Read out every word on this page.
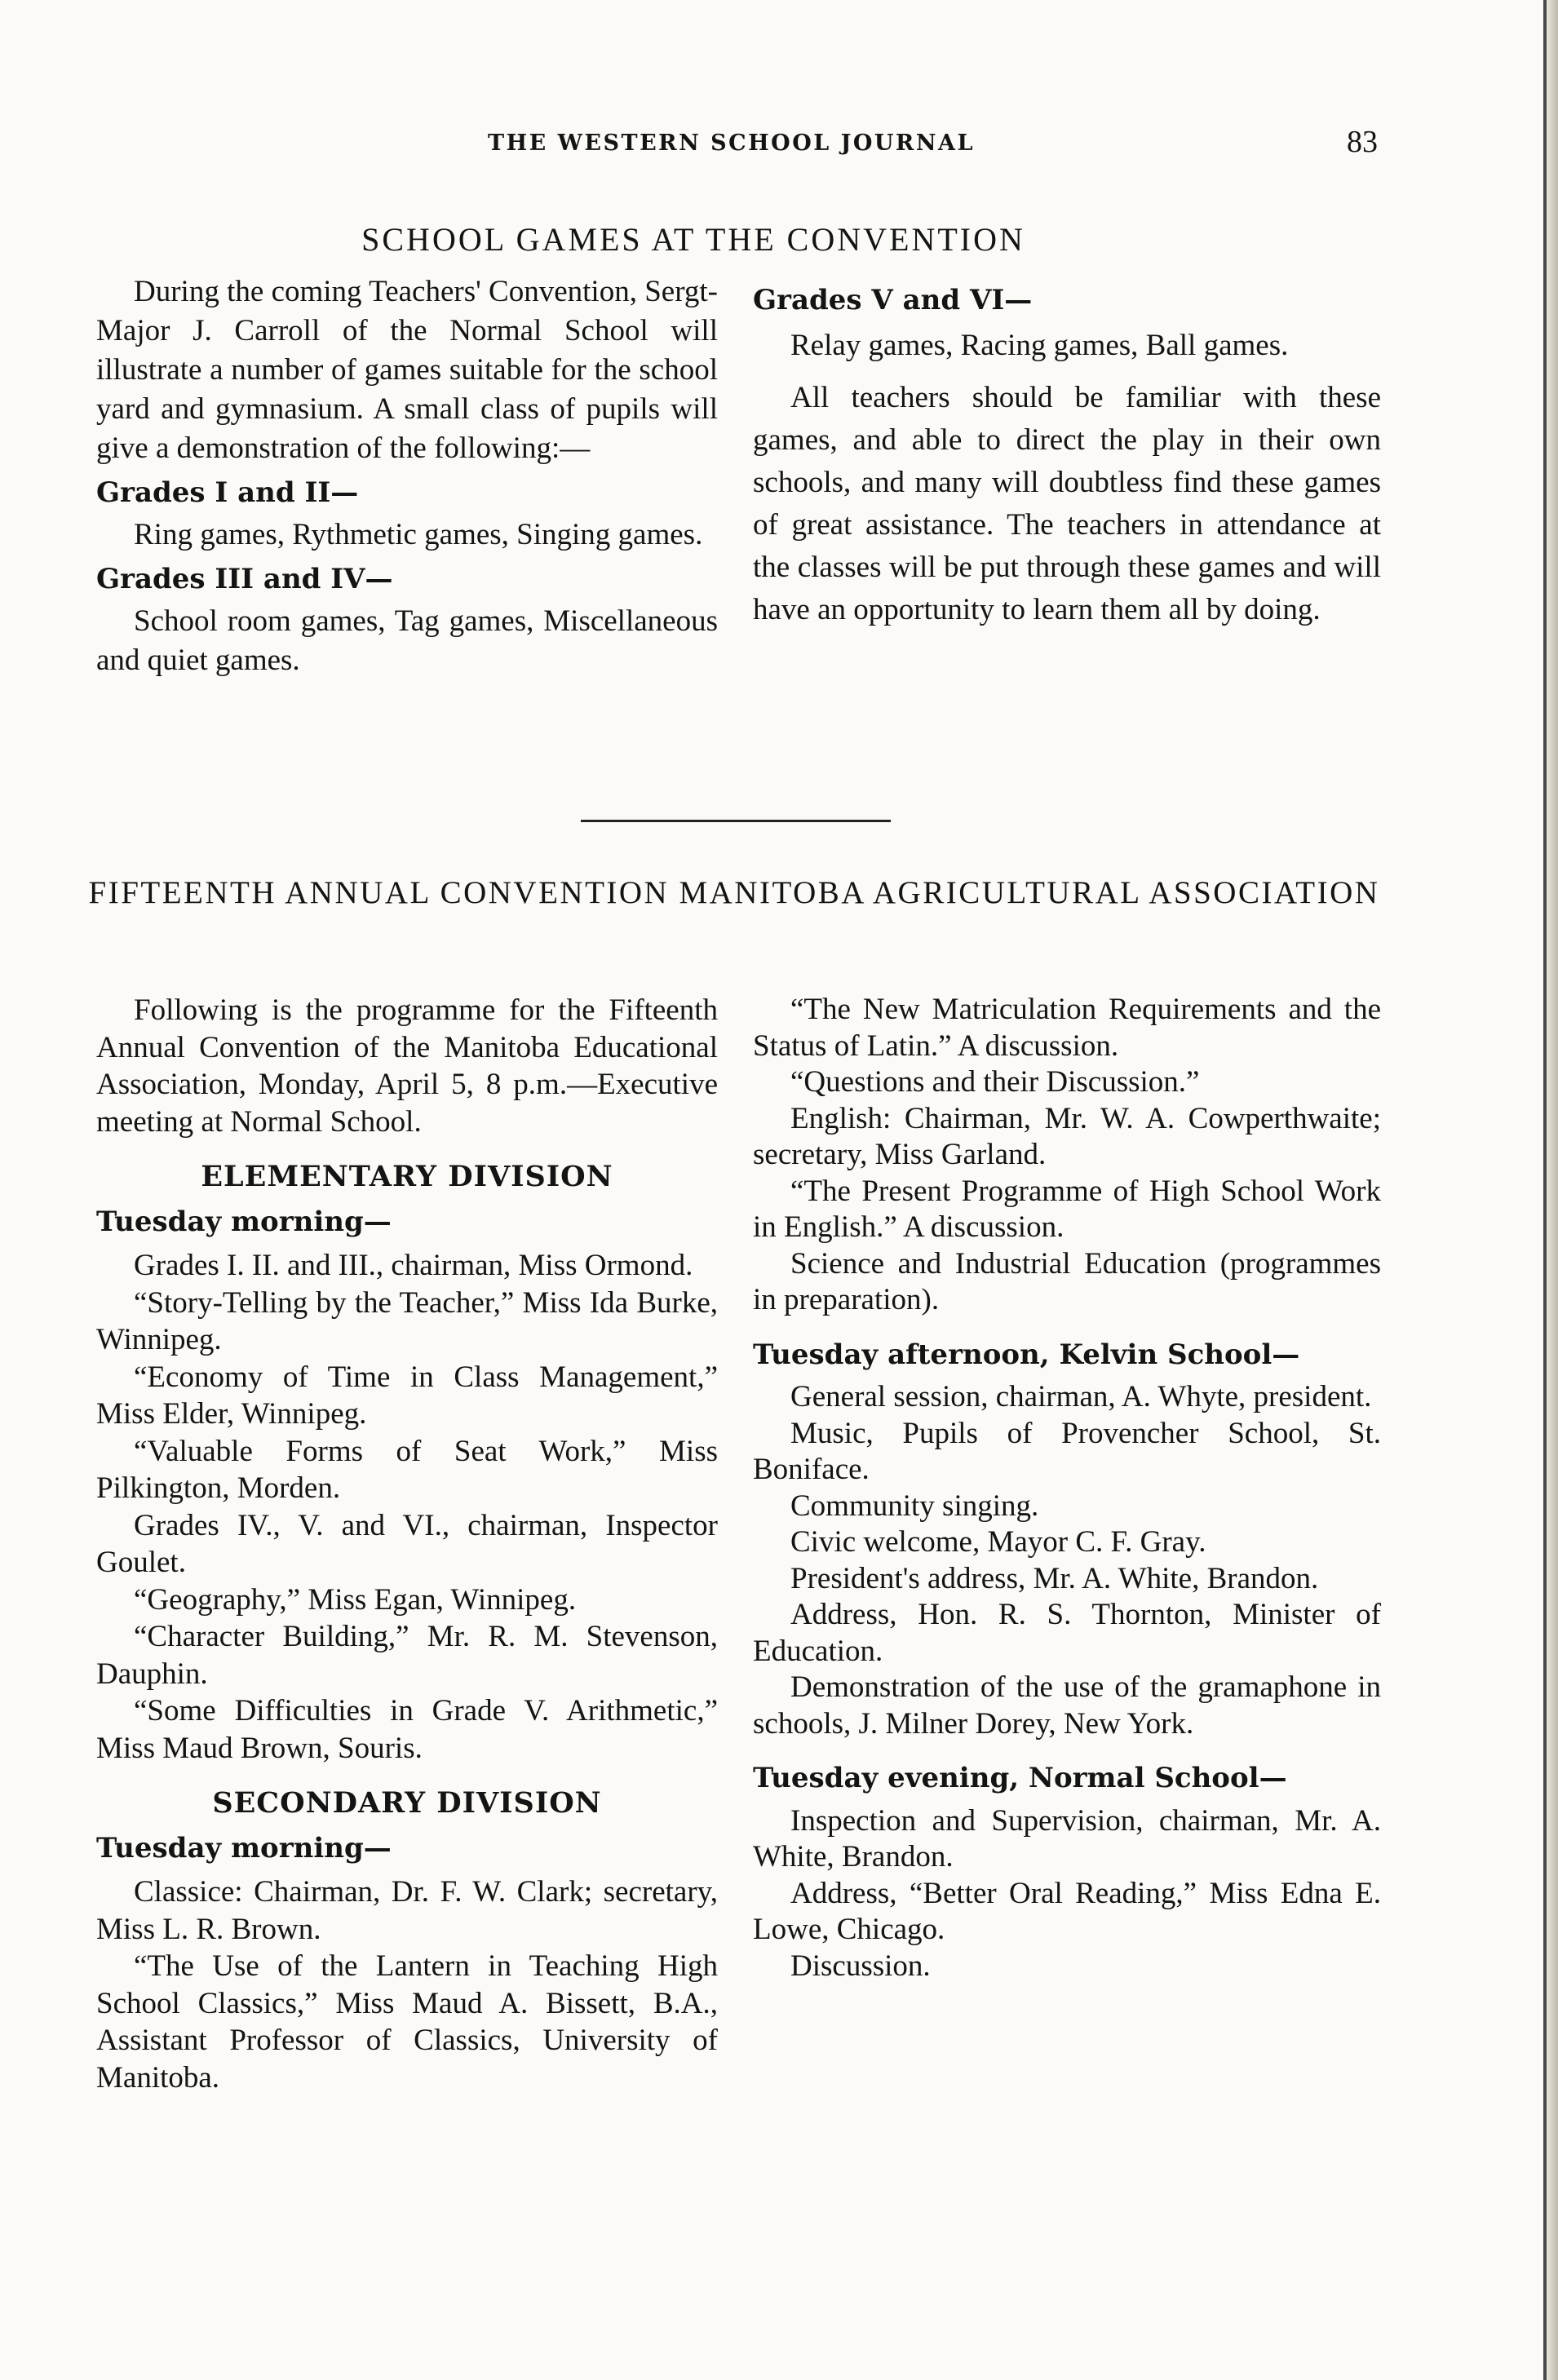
THE WESTERN SCHOOL JOURNAL	83
SCHOOL GAMES AT THE CONVENTION

During the coming Teachers' Convention, Sergt-Major J. Carroll of the Normal School will illustrate a number of games suitable for the school yard and gymnasium. A small class of pupils will give a demonstration of the following:—

Grades I and II—

Ring games, Rythmetic games, Singing games.

Grades III and IV—

School room games, Tag games, Miscellaneous and quiet games.

Grades V and VI—

Relay games, Racing games, Ball games.

All teachers should be familiar with these games, and able to direct the play in their own schools, and many will doubtless find these games of great assistance. The teachers in attendance at the classes will be put through these games and will have an opportunity to learn them all by doing.

FIFTEENTH ANNUAL CONVENTION MANITOBA AGRICULTURAL ASSOCIATION

Following is the programme for the Fifteenth Annual Convention of the Manitoba Educational Association, Monday, April 5, 8 p.m.—Executive meeting at Normal School.

ELEMENTARY DIVISION

Tuesday morning—

Grades I. II. and III., chairman, Miss Ormond.

“Story-Telling by the Teacher,” Miss Ida Burke, Winnipeg.

“Economy of Time in Class Management,” Miss Elder, Winnipeg.

“Valuable Forms of Seat Work,” Miss Pilkington, Morden.

Grades IV., V. and VI., chairman, Inspector Goulet.

“Geography,” Miss Egan, Winnipeg.

“Character Building,” Mr. R. M. Stevenson, Dauphin.

“Some Difficulties in Grade V. Arithmetic,” Miss Maud Brown, Souris.

SECONDARY DIVISION

Tuesday morning—

Classice: Chairman, Dr. F. W. Clark; secretary, Miss L. R. Brown.

“The Use of the Lantern in Teaching High School Classics,” Miss Maud A. Bissett, B.A., Assistant Professor of Classics, University of Manitoba.

“The New Matriculation Requirements and the Status of Latin.” A discussion.

“Questions and their Discussion.”

English: Chairman, Mr. W. A. Cowperthwaite; secretary, Miss Garland.

“The Present Programme of High School Work in English.” A discussion.

Science and Industrial Education (programmes in preparation).

Tuesday afternoon, Kelvin School—

General session, chairman, A. Whyte, president.

Music, Pupils of Provencher School, St. Boniface.

Community singing.

Civic welcome, Mayor C. F. Gray.

President's address, Mr. A. White, Brandon.

Address, Hon. R. S. Thornton, Minister of Education.

Demonstration of the use of the gramaphone in schools, J. Milner Dorey, New York.

Tuesday evening, Normal School—

Inspection and Supervision, chairman, Mr. A. White, Brandon.

Address, “Better Oral Reading,” Miss Edna E. Lowe, Chicago.

Discussion.
